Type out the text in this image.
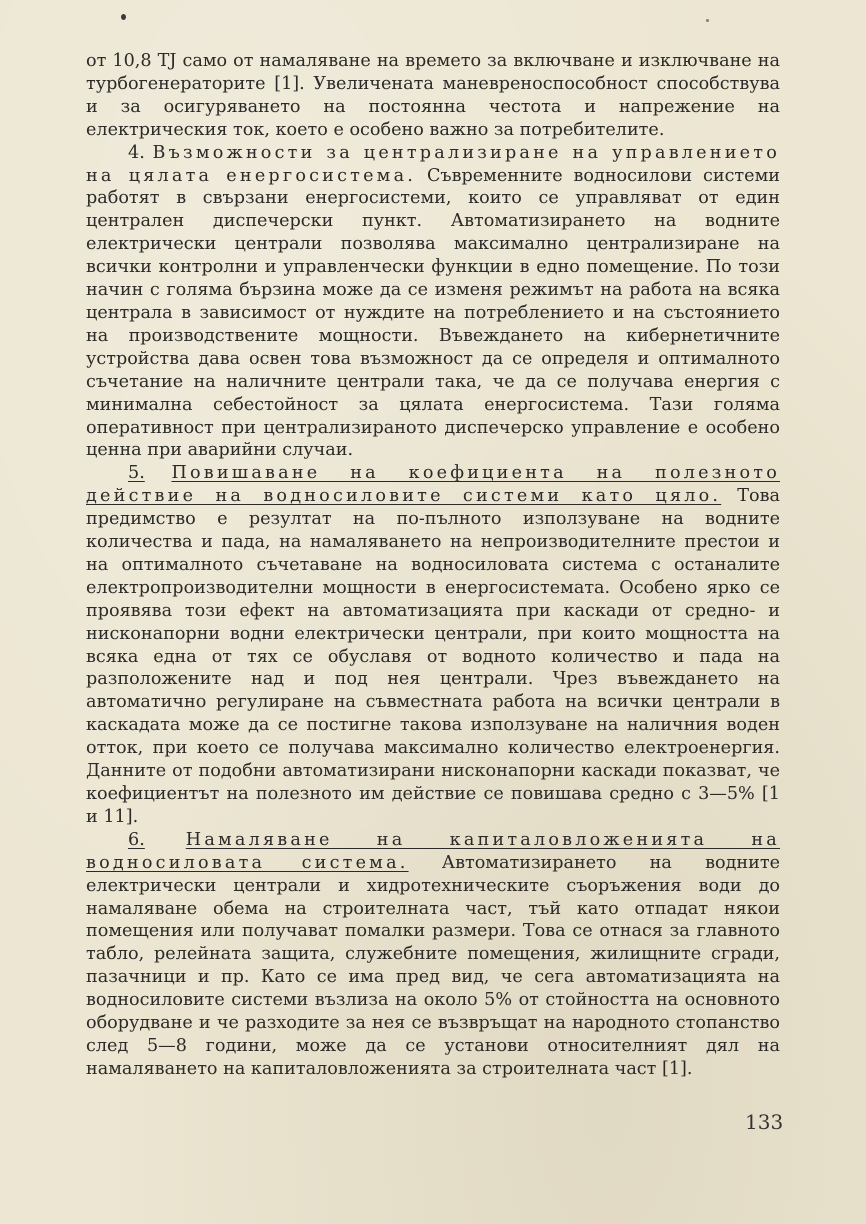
от 10,8 TJ само от намаляване на времето за включване и изключване на турбогенераторите [1]. Увеличената маневреноспособност способствува и за осигуряването на постоянна честота и напрежение на електрическия ток, което е особено важно за потребителите.

4. Възможности за централизиране на управлението на цялата енергосистема. Съвременните водносилови системи работят в свързани енергосистеми, които се управляват от един централен диспечерски пункт. Автоматизирането на водните електрически централи позволява максимално централизиране на всички контролни и управленчески функции в едно помещение. По този начин с голяма бързина може да се изменя режимът на работа на всяка централа в зависимост от нуждите на потреблението и на състоянието на производствените мощности. Въвеждането на кибернетичните устройства дава освен това възможност да се определя и оптималното съчетание на наличните централи така, че да се получава енергия с минимална себестойност за цялата енергосистема. Тази голяма оперативност при централизираното диспечерско управление е особено ценна при аварийни случаи.

5. Повишаване на коефициента на полезното действие на водносиловите системи като цяло. Това предимство е резултат на по-пълното използуване на водните количества и пада, на намаляването на непроизводителните престои и на оптималното съчетаване на водносиловата система с останалите електропроизводителни мощности в енергосистемата. Особено ярко се проявява този ефект на автоматизацията при каскади от средно- и нисконапорни водни електрически централи, при които мощността на всяка една от тях се обуславя от водното количество и пада на разположените над и под нея централи. Чрез въвеждането на автоматично регулиране на съвместната работа на всички централи в каскадата може да се постигне такова използуване на наличния воден отток, при което се получава максимално количество електроенергия. Данните от подобни автоматизирани нисконапорни каскади показват, че коефициентът на полезното им действие се повишава средно с 3—5% [1 и 11].

6. Намаляване на капиталовложенията на водносиловата система. Автоматизирането на водните електрически централи и хидротехническите съоръжения води до намаляване обема на строителната част, тъй като отпадат някои помещения или получават помалки размери. Това се отнася за главното табло, релейната защита, служебните помещения, жилищните сгради, пазачници и пр. Като се има пред вид, че сега автоматизацията на водносиловите системи възлиза на около 5% от стойността на основното оборудване и че разходите за нея се възвръщат на народното стопанство след 5—8 години, може да се установи относителният дял на намаляването на капиталовложенията за строителната част [1].

133
